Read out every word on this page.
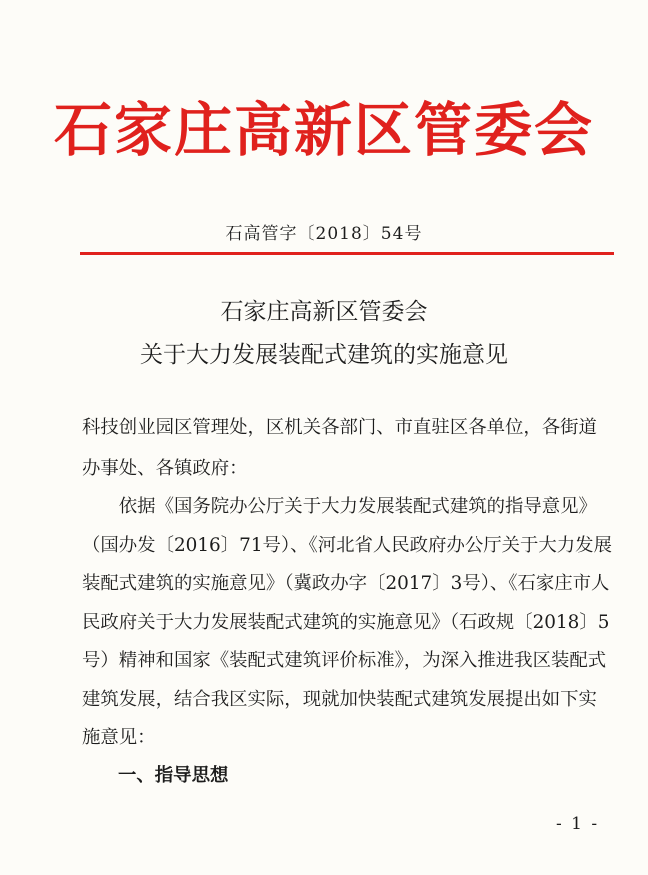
石家庄高新区管委会
石高管字〔2018〕54号
石家庄高新区管委会
关于大力发展装配式建筑的实施意见
科技创业园区管理处，区机关各部门、市直驻区各单位，各街道
办事处、各镇政府：
　　依据《国务院办公厅关于大力发展装配式建筑的指导意见》
（国办发〔2016〕71号）、《河北省人民政府办公厅关于大力发展
装配式建筑的实施意见》（冀政办字〔2017〕3号）、《石家庄市人
民政府关于大力发展装配式建筑的实施意见》（石政规〔2018〕5
号）精神和国家《装配式建筑评价标准》，为深入推进我区装配式
建筑发展，结合我区实际，现就加快装配式建筑发展提出如下实
施意见：
一、指导思想
- 1 -
